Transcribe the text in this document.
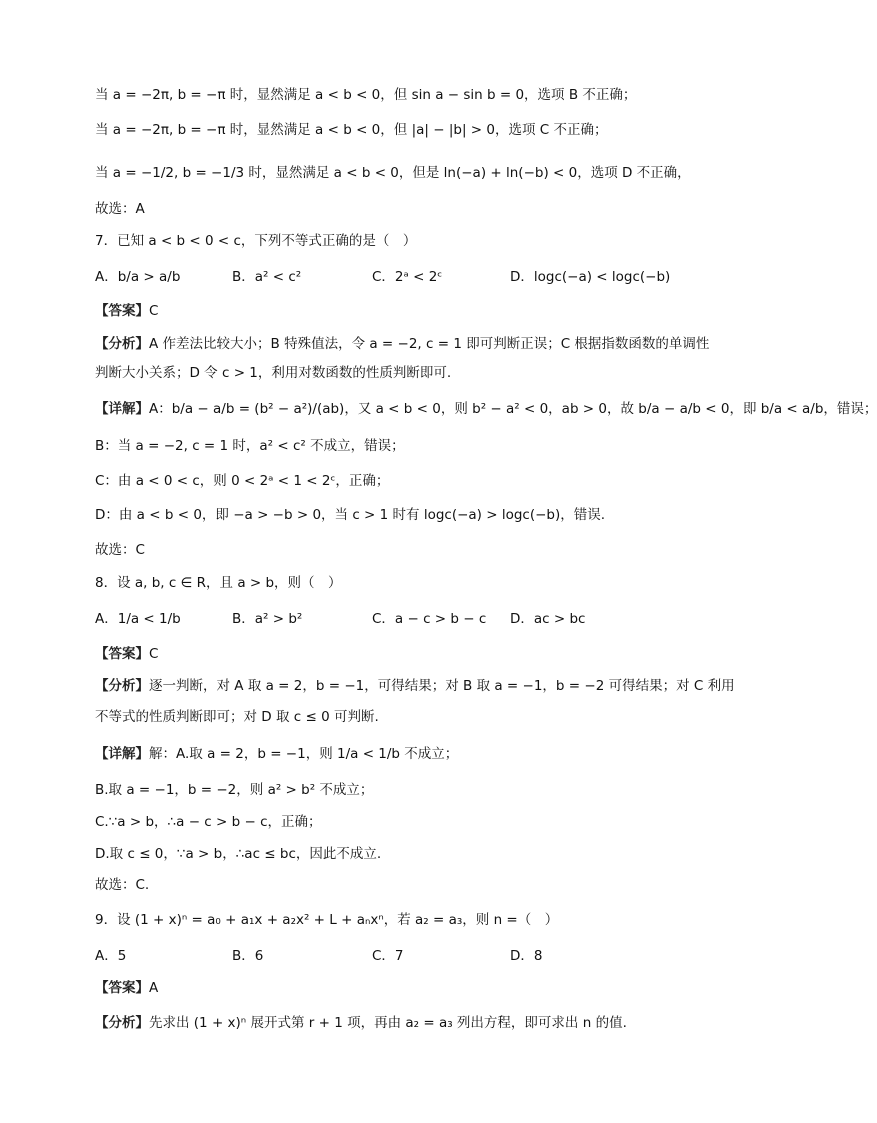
当 a = −2π, b = −π 时，显然满足 a < b < 0，但 sin a − sin b = 0，选项 B 不正确；
当 a = −2π, b = −π 时，显然满足 a < b < 0，但 |a| − |b| > 0，选项 C 不正确；
当 a = −1/2, b = −1/3 时，显然满足 a < b < 0，但是 ln(−a) + ln(−b) < 0，选项 D 不正确，
故选：A
7．已知 a < b < 0 < c，下列不等式正确的是（　）
A．b/a > a/b	B．a² < c²	C．2ᵃ < 2ᶜ	D．logc(−a) < logc(−b)
【答案】C
【分析】A 作差法比较大小；B 特殊值法，令 a = −2, c = 1 即可判断正误；C 根据指数函数的单调性
判断大小关系；D 令 c > 1，利用对数函数的性质判断即可.
【详解】A：b/a − a/b = (b² − a²)/(ab)，又 a < b < 0，则 b² − a² < 0，ab > 0，故 b/a − a/b < 0，即 b/a < a/b，错误；
B：当 a = −2, c = 1 时，a² < c² 不成立，错误；
C：由 a < 0 < c，则 0 < 2ᵃ < 1 < 2ᶜ，正确；
D：由 a < b < 0，即 −a > −b > 0，当 c > 1 时有 logc(−a) > logc(−b)，错误.
故选：C
8．设 a, b, c ∈ R，且 a > b，则（　）
A．1/a < 1/b	B．a² > b²	C．a − c > b − c D．ac > bc
【答案】C
【分析】逐一判断，对 A 取 a = 2，b = −1，可得结果；对 B 取 a = −1，b = −2 可得结果；对 C 利用
不等式的性质判断即可；对 D 取 c ≤ 0 可判断.
【详解】解：A.取 a = 2，b = −1，则 1/a < 1/b 不成立；
B.取 a = −1，b = −2，则 a² > b² 不成立；
C.∵a > b，∴a − c > b − c，正确；
D.取 c ≤ 0，∵a > b，∴ac ≤ bc，因此不成立.
故选：C.
9．设 (1 + x)ⁿ = a₀ + a₁x + a₂x² + L + aₙxⁿ，若 a₂ = a₃，则 n =（　）
A．5	B．6	C．7	D．8
【答案】A
【分析】先求出 (1 + x)ⁿ 展开式第 r + 1 项，再由 a₂ = a₃ 列出方程，即可求出 n 的值.
